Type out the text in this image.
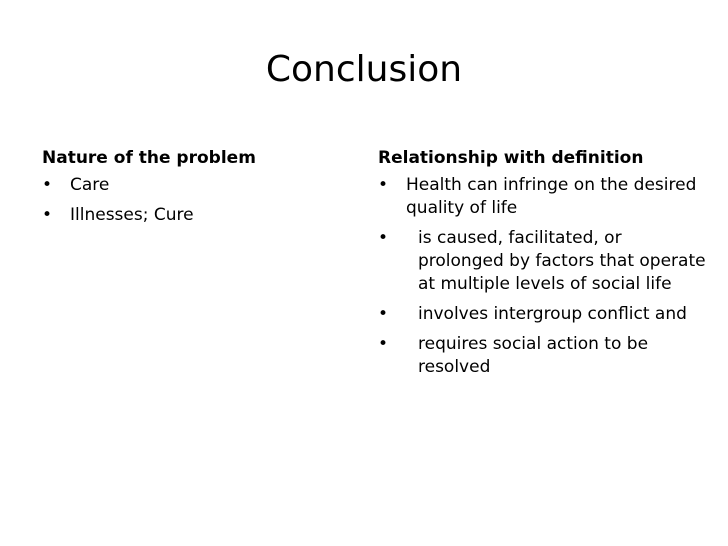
Conclusion
Nature of the problem
•	Care
•	Illnesses; Cure
Relationship with definition
•	Health can infringe on the desired quality of life
•	is caused, facilitated, or prolonged by factors that operate at multiple levels of social life
•	involves intergroup conflict and
•	requires social action to be resolved
